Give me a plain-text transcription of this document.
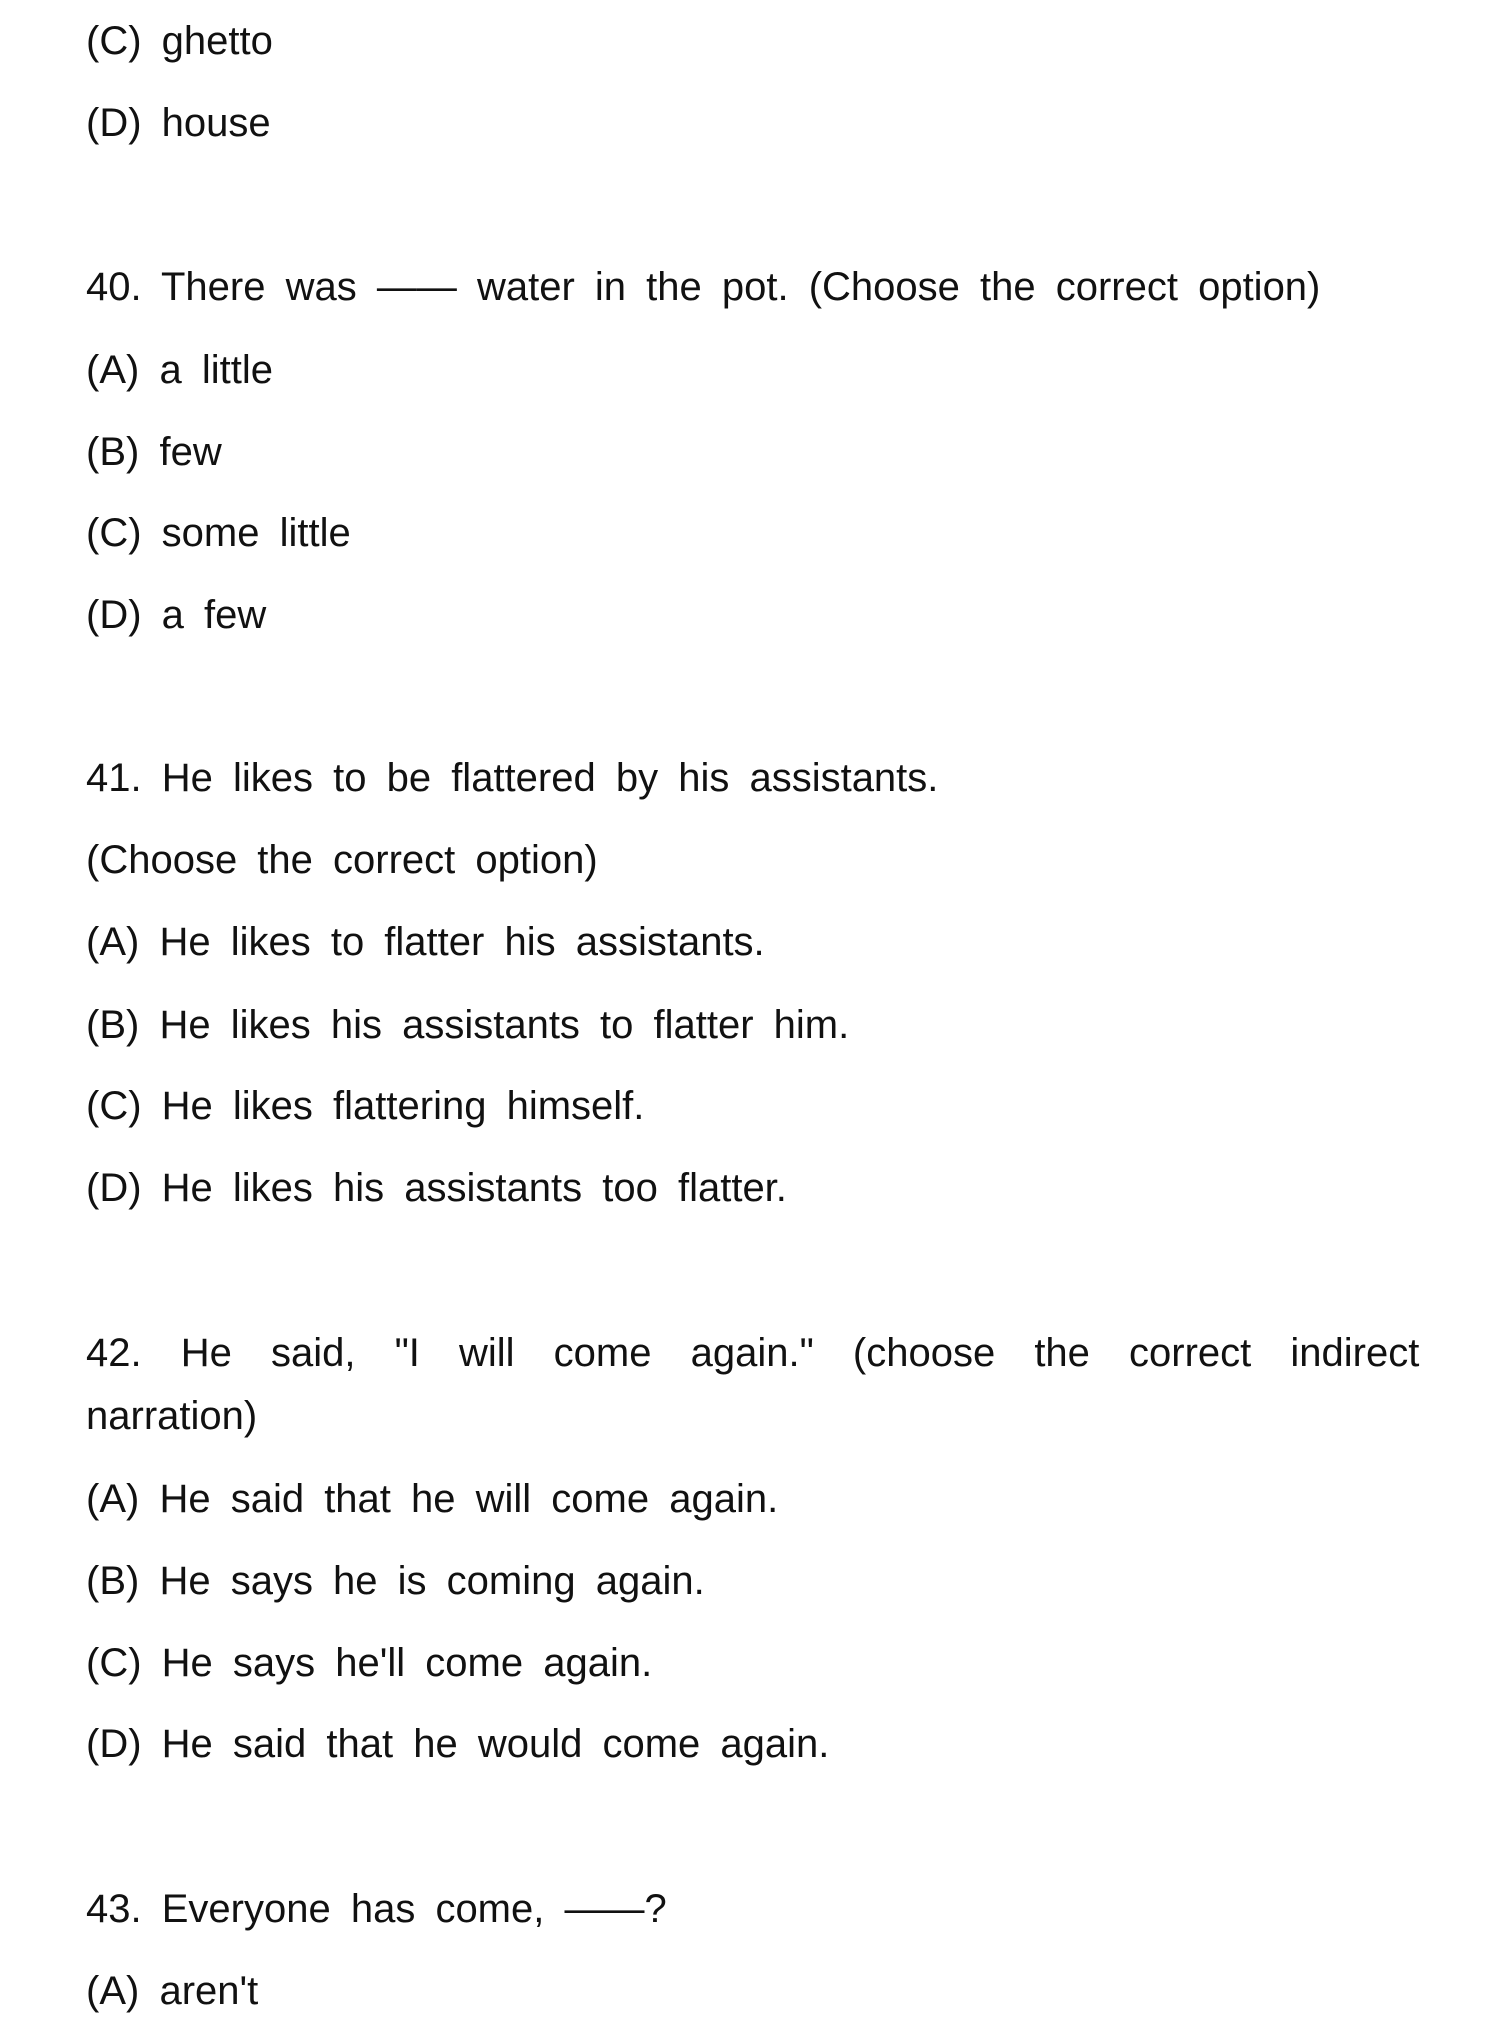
(C) ghetto
(D) house
40. There was —— water in the pot. (Choose the correct option)
(A) a little
(B) few
(C) some little
(D) a few
41. He likes to be flattered by his assistants.
(Choose the correct option)
(A) He likes to flatter his assistants.
(B) He likes his assistants to flatter him.
(C) He likes flattering himself.
(D) He likes his assistants too flatter.
42. He said, "I will come again." (choose the correct indirect
narration)
(A) He said that he will come again.
(B) He says he is coming again.
(C) He says he'll come again.
(D) He said that he would come again.
43. Everyone has come, ——?
(A) aren't
